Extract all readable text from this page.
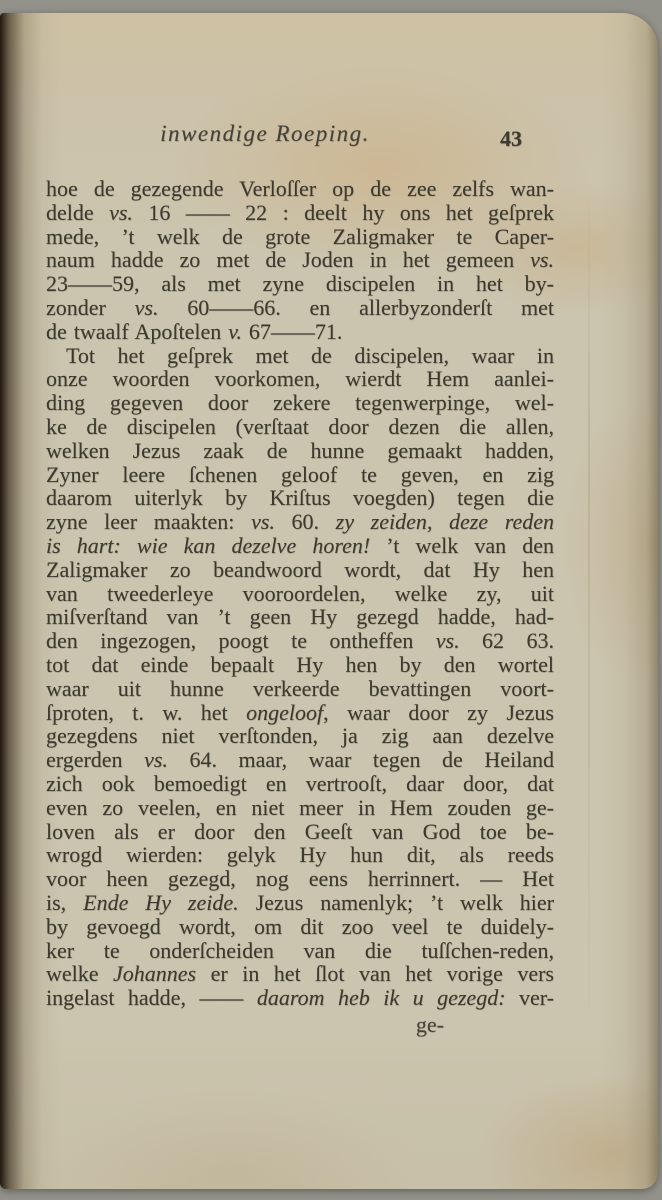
inwendige Roeping.	43
hoe de gezegende Verloſſer op de zee zelfs wan-
delde vs. 16 —— 22 : deelt hy ons het geſprek
mede, ’t welk de grote Zaligmaker te Caper-
naum hadde zo met de Joden in het gemeen vs.
23——59, als met zyne discipelen in het by-
zonder vs. 60——66. en allerbyzonderſt met
de twaalf Apoſtelen v. 67——71.
Tot het geſprek met de discipelen, waar in
onze woorden voorkomen, wierdt Hem aanlei-
ding gegeven door zekere tegenwerpinge, wel-
ke de discipelen (verſtaat door dezen die allen,
welken Jezus zaak de hunne gemaakt hadden,
Zyner leere ſchenen geloof te geven, en zig
daarom uiterlyk by Kriſtus voegden) tegen die
zyne leer maakten: vs. 60. zy zeiden, deze reden
is hart: wie kan dezelve horen! ’t welk van den
Zaligmaker zo beandwoord wordt, dat Hy hen
van tweederleye vooroordelen, welke zy, uit
miſverſtand van ’t geen Hy gezegd hadde, had-
den ingezogen, poogt te ontheffen vs. 62 63.
tot dat einde bepaalt Hy hen by den wortel
waar uit hunne verkeerde bevattingen voort-
ſproten, t. w. het ongeloof, waar door zy Jezus
gezegdens niet verſtonden, ja zig aan dezelve
ergerden vs. 64. maar, waar tegen de Heiland
zich ook bemoedigt en vertrooſt, daar door, dat
even zo veelen, en niet meer in Hem zouden ge-
loven als er door den Geeſt van God toe be-
wrogd wierden: gelyk Hy hun dit, als reeds
voor heen gezegd, nog eens herrinnert. — Het
is, Ende Hy zeide. Jezus namenlyk; ’t welk hier
by gevoegd wordt, om dit zoo veel te duidely-
ker te onderſcheiden van die tuſſchen-reden,
welke Johannes er in het ſlot van het vorige vers
ingelast hadde, —— daarom heb ik u gezegd: ver-
ge-
